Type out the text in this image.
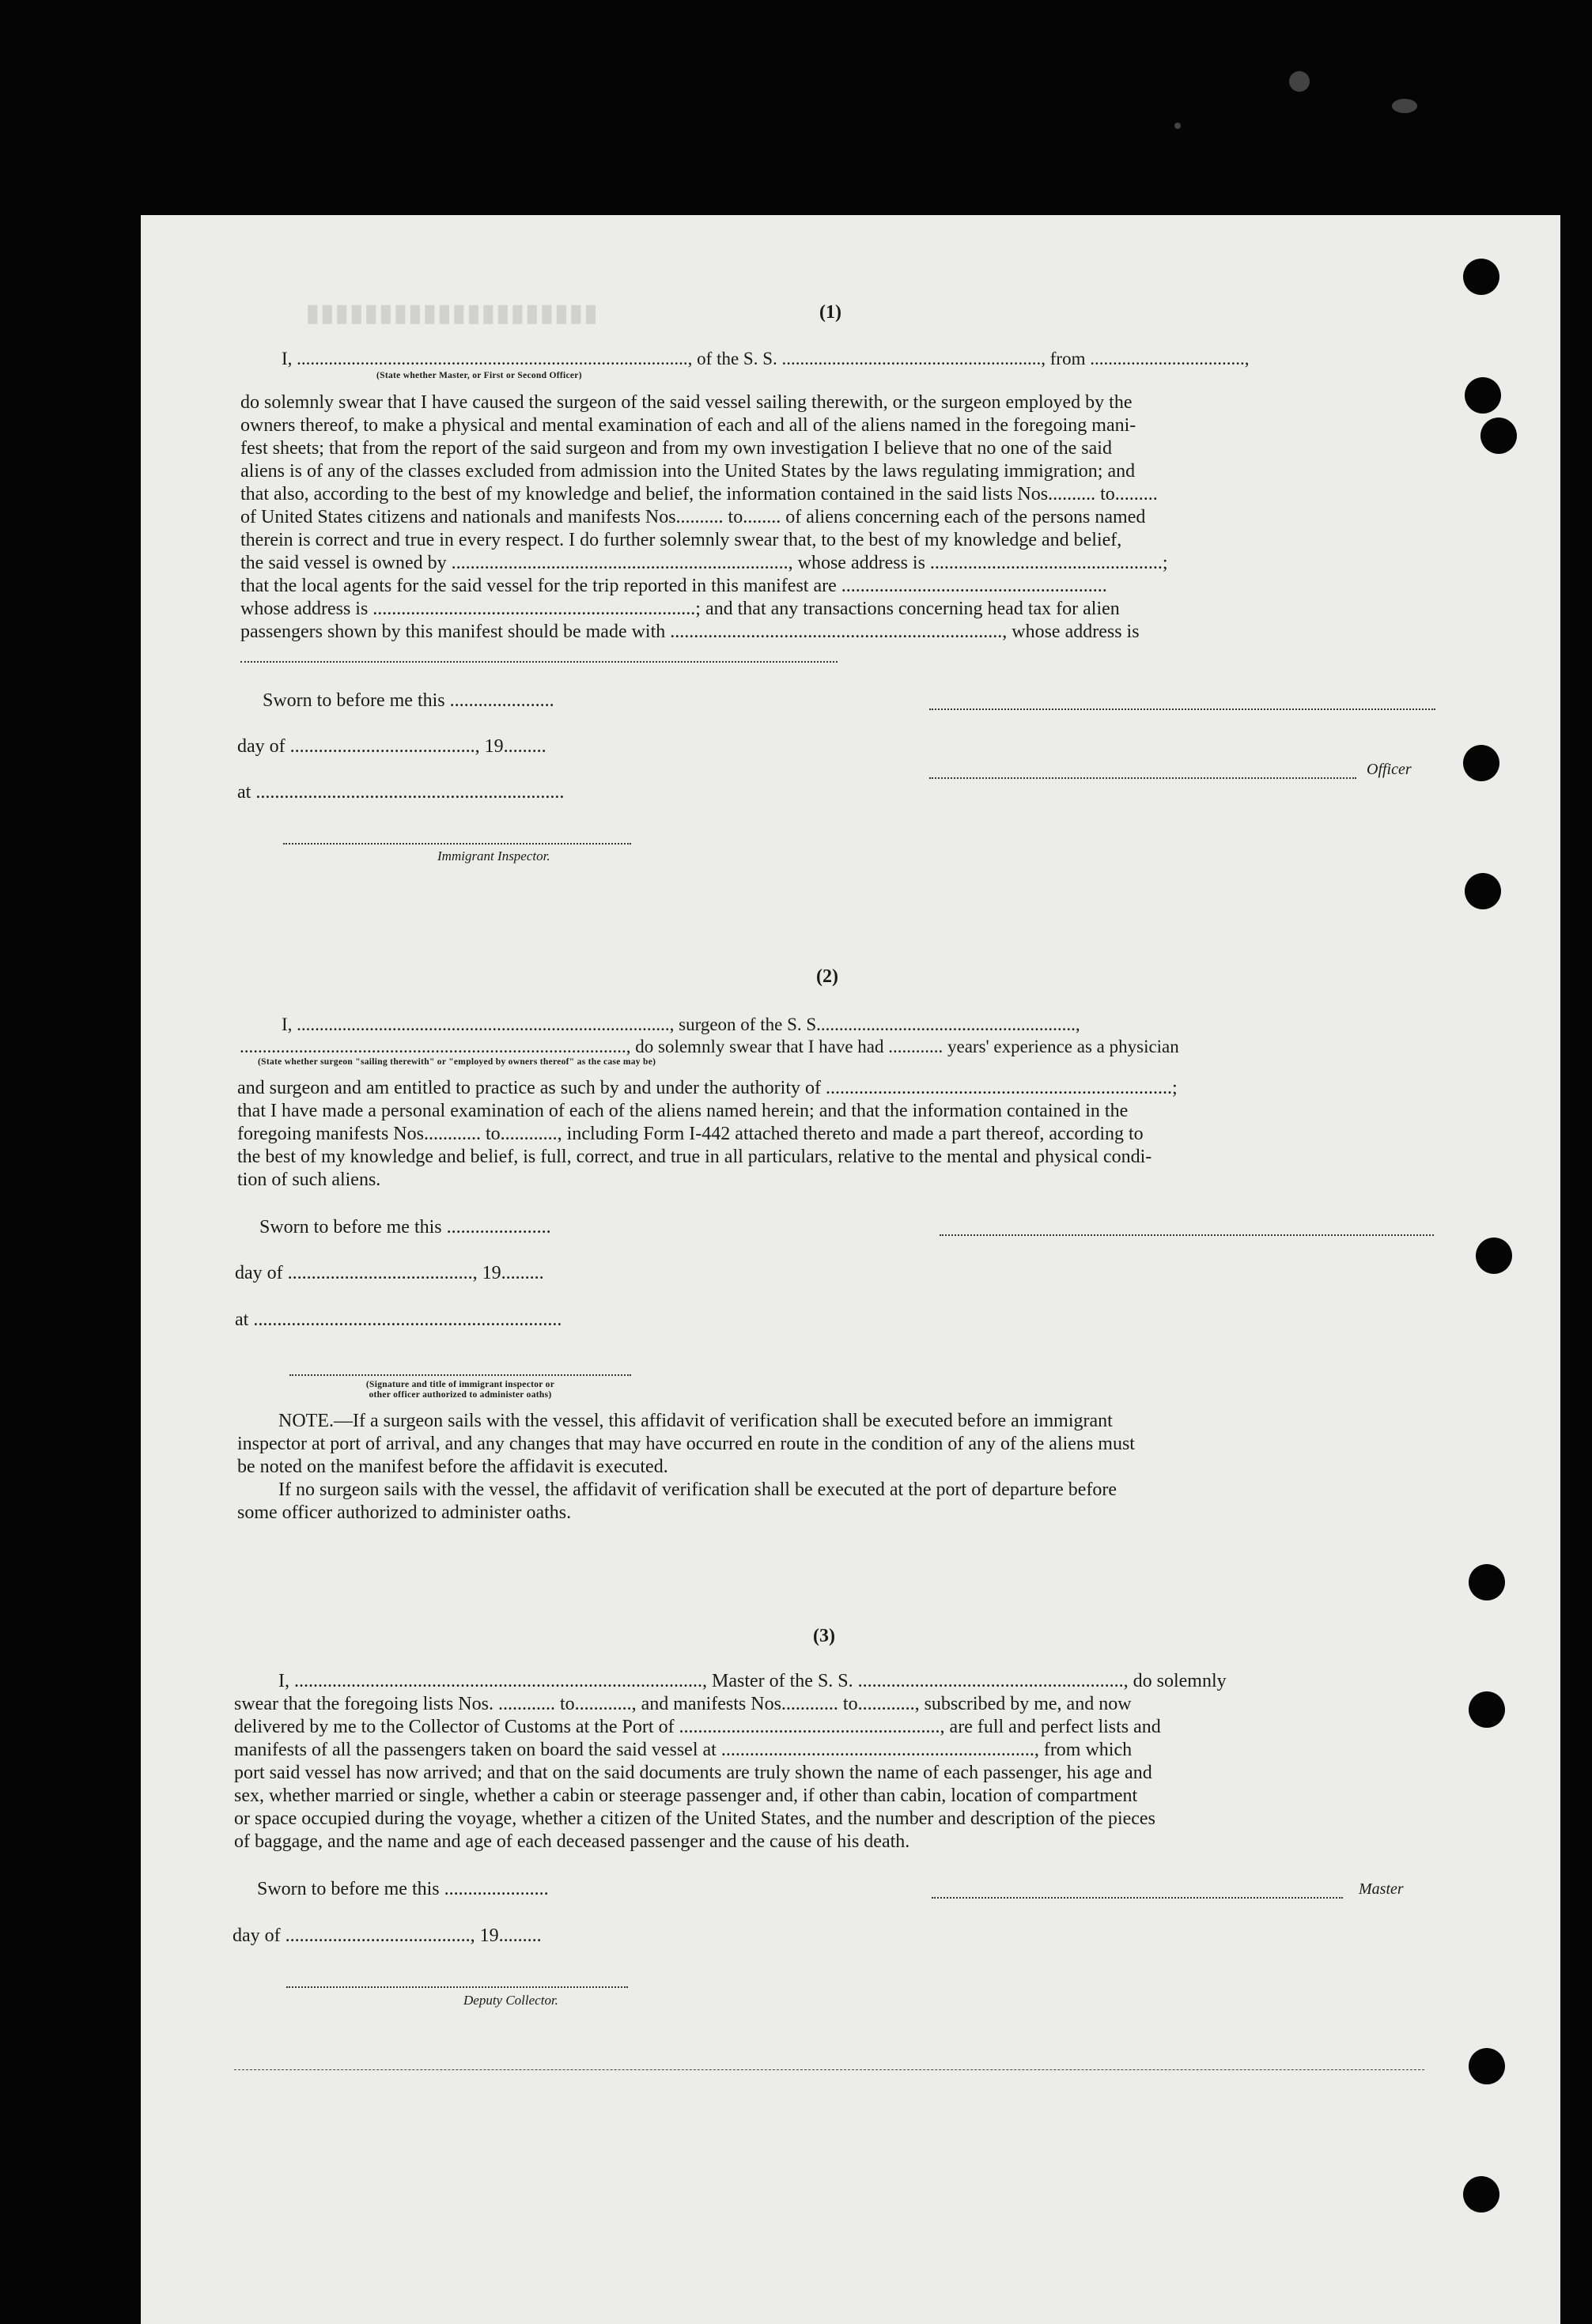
▮▮▮▮▮▮▮▮▮▮▮▮▮▮▮▮▮▮▮▮	(1)
I, ......................................................................................, of the S. S. ........................................................., from ..................................,
(State whether Master, or First or Second Officer)
do solemnly swear that I have caused the surgeon of the said vessel sailing therewith, or the surgeon employed by the
owners thereof, to make a physical and mental examination of each and all of the aliens named in the foregoing mani-
fest sheets; that from the report of the said surgeon and from my own investigation I believe that no one of the said
aliens is of any of the classes excluded from admission into the United States by the laws regulating immigration; and
that also, according to the best of my knowledge and belief, the information contained in the said lists Nos.......... to.........
of United States citizens and nationals and manifests Nos.......... to........ of aliens concerning each of the persons named
therein is correct and true in every respect. I do further solemnly swear that, to the best of my knowledge and belief,
the said vessel is owned by ......................................................................., whose address is .................................................;
that the local agents for the said vessel for the trip reported in this manifest are ........................................................
whose address is ....................................................................; and that any transactions concerning head tax for alien
passengers shown by this manifest should be made with ......................................................................, whose address is
Sworn to before me this ......................
day of ......................................., 19.........
Officer
at .................................................................
Immigrant Inspector.
(2)
I, .................................................................................., surgeon of the S. S.........................................................,
....................................................................................., do solemnly swear that I have had ............ years' experience as a physician
(State whether surgeon "sailing therewith" or "employed by owners thereof" as the case may be)
and surgeon and am entitled to practice as such by and under the authority of .........................................................................;
that I have made a personal examination of each of the aliens named herein; and that the information contained in the
foregoing manifests Nos............ to............, including Form I-442 attached thereto and made a part thereof, according to
the best of my knowledge and belief, is full, correct, and true in all particulars, relative to the mental and physical condi-
tion of such aliens.
Sworn to before me this ......................
day of ......................................., 19.........
at .................................................................
(Signature and title of immigrant inspector or
other officer authorized to administer oaths)
NOTE.—If a surgeon sails with the vessel, this affidavit of verification shall be executed before an immigrant
inspector at port of arrival, and any changes that may have occurred en route in the condition of any of the aliens must
be noted on the manifest before the affidavit is executed.
If no surgeon sails with the vessel, the affidavit of verification shall be executed at the port of departure before
some officer authorized to administer oaths.
(3)
I, ......................................................................................, Master of the S. S. ........................................................, do solemnly
swear that the foregoing lists Nos. ............ to............, and manifests Nos............ to............, subscribed by me, and now
delivered by me to the Collector of Customs at the Port of ......................................................., are full and perfect lists and
manifests of all the passengers taken on board the said vessel at .................................................................., from which
port said vessel has now arrived; and that on the said documents are truly shown the name of each passenger, his age and
sex, whether married or single, whether a cabin or steerage passenger and, if other than cabin, location of compartment
or space occupied during the voyage, whether a citizen of the United States, and the number and description of the pieces
of baggage, and the name and age of each deceased passenger and the cause of his death.
Sworn to before me this ......................	Master
day of ......................................., 19.........
Deputy Collector.
